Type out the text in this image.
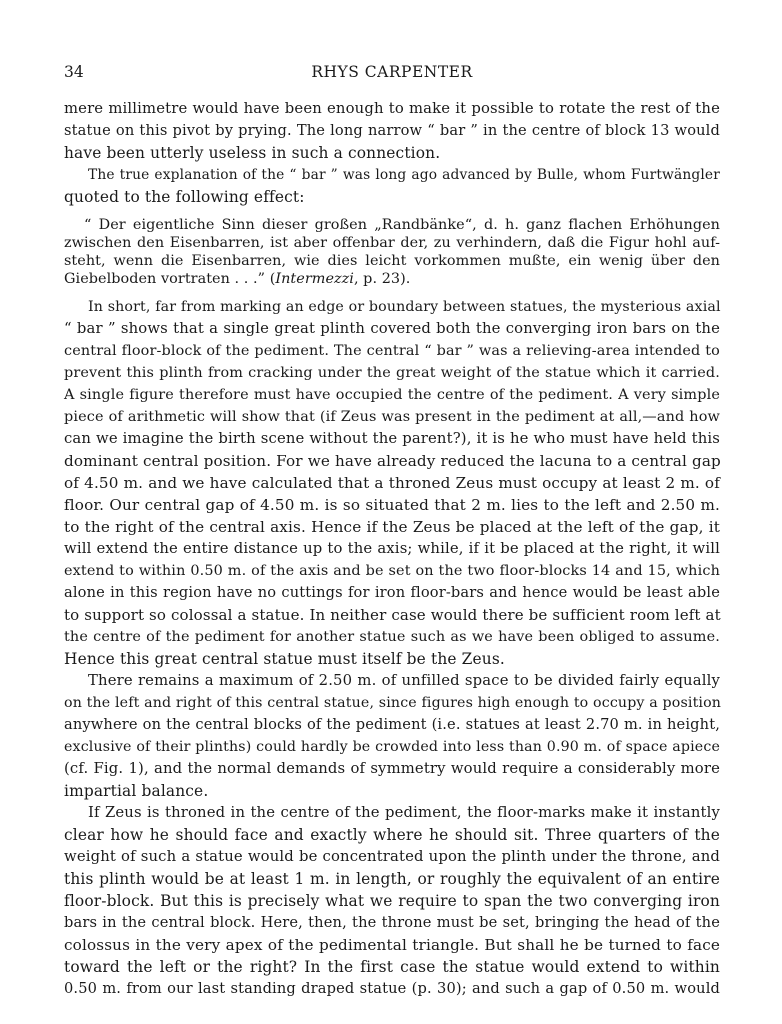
34	RHYS CARPENTER
mere millimetre would have been enough to make it possible to rotate the rest of the
statue on this pivot by prying. The long narrow “ bar ” in the centre of block 13 would
have been utterly useless in such a connection.
The true explanation of the “ bar ” was long ago advanced by Bulle, whom Furtwängler
quoted to the following effect:
“ Der eigentliche Sinn dieser großen „Randbänke“, d. h. ganz flachen Erhöhungen
zwischen den Eisenbarren, ist aber offenbar der, zu verhindern, daß die Figur hohl auf-
steht, wenn die Eisenbarren, wie dies leicht vorkommen mußte, ein wenig über den
Giebelboden vortraten . . .” (Intermezzi, p. 23).
In short, far from marking an edge or boundary between statues, the mysterious axial
“ bar ” shows that a single great plinth covered both the converging iron bars on the
central floor-block of the pediment. The central “ bar ” was a relieving-area intended to
prevent this plinth from cracking under the great weight of the statue which it carried.
A single figure therefore must have occupied the centre of the pediment. A very simple
piece of arithmetic will show that (if Zeus was present in the pediment at all,—and how
can we imagine the birth scene without the parent?), it is he who must have held this
dominant central position. For we have already reduced the lacuna to a central gap
of 4.50 m. and we have calculated that a throned Zeus must occupy at least 2 m. of
floor. Our central gap of 4.50 m. is so situated that 2 m. lies to the left and 2.50 m.
to the right of the central axis. Hence if the Zeus be placed at the left of the gap, it
will extend the entire distance up to the axis; while, if it be placed at the right, it will
extend to within 0.50 m. of the axis and be set on the two floor-blocks 14 and 15, which
alone in this region have no cuttings for iron floor-bars and hence would be least able
to support so colossal a statue. In neither case would there be sufficient room left at
the centre of the pediment for another statue such as we have been obliged to assume.
Hence this great central statue must itself be the Zeus.
There remains a maximum of 2.50 m. of unfilled space to be divided fairly equally
on the left and right of this central statue, since figures high enough to occupy a position
anywhere on the central blocks of the pediment (i.e. statues at least 2.70 m. in height,
exclusive of their plinths) could hardly be crowded into less than 0.90 m. of space apiece
(cf. Fig. 1), and the normal demands of symmetry would require a considerably more
impartial balance.
If Zeus is throned in the centre of the pediment, the floor-marks make it instantly
clear how he should face and exactly where he should sit. Three quarters of the
weight of such a statue would be concentrated upon the plinth under the throne, and
this plinth would be at least 1 m. in length, or roughly the equivalent of an entire
floor-block. But this is precisely what we require to span the two converging iron
bars in the central block. Here, then, the throne must be set, bringing the head of the
colossus in the very apex of the pedimental triangle. But shall he be turned to face
toward the left or the right? In the first case the statue would extend to within
0.50 m. from our last standing draped statue (p. 30); and such a gap of 0.50 m. would
